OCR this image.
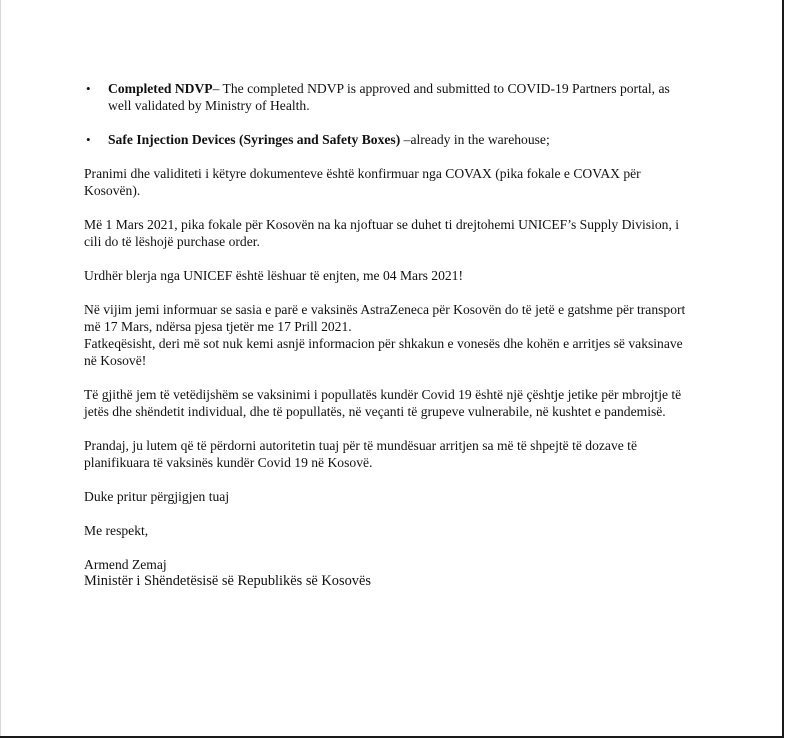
• Completed NDVP– The completed NDVP is approved and submitted to COVID-19 Partners portal, as well validated by Ministry of Health.
• Safe Injection Devices (Syringes and Safety Boxes) –already in the warehouse;

Pranimi dhe validiteti i këtyre dokumenteve është konfirmuar nga COVAX (pika fokale e COVAX për Kosovën).

Më 1 Mars 2021, pika fokale për Kosovën na ka njoftuar se duhet ti drejtohemi UNICEF’s Supply Division, i cili do të lëshojë purchase order.

Urdhër blerja nga UNICEF është lëshuar të enjten, me 04 Mars 2021!

Në vijim jemi informuar se sasia e parë e vaksinës AstraZeneca për Kosovën do të jetë e gatshme për transport më 17 Mars, ndërsa pjesa tjetër me 17 Prill 2021.

Fatkeqësisht, deri më sot nuk kemi asnjë informacion për shkakun e vonesës dhe kohën e arritjes së vaksinave në Kosovë!

Të gjithë jem të vetëdijshëm se vaksinimi i popullatës kundër Covid 19 është një çështje jetike për mbrojtje të jetës dhe shëndetit individual, dhe të popullatës, në veçanti të grupeve vulnerabile, në kushtet e pandemisë.

Prandaj, ju lutem që të përdorni autoritetin tuaj për të mundësuar arritjen sa më të shpejtë të dozave të planifikuara të vaksinës kundër Covid 19 në Kosovë.

Duke pritur përgjigjen tuaj

Me respekt,

Armend Zemaj

Ministër i Shëndetësisë së Republikës së Kosovës
